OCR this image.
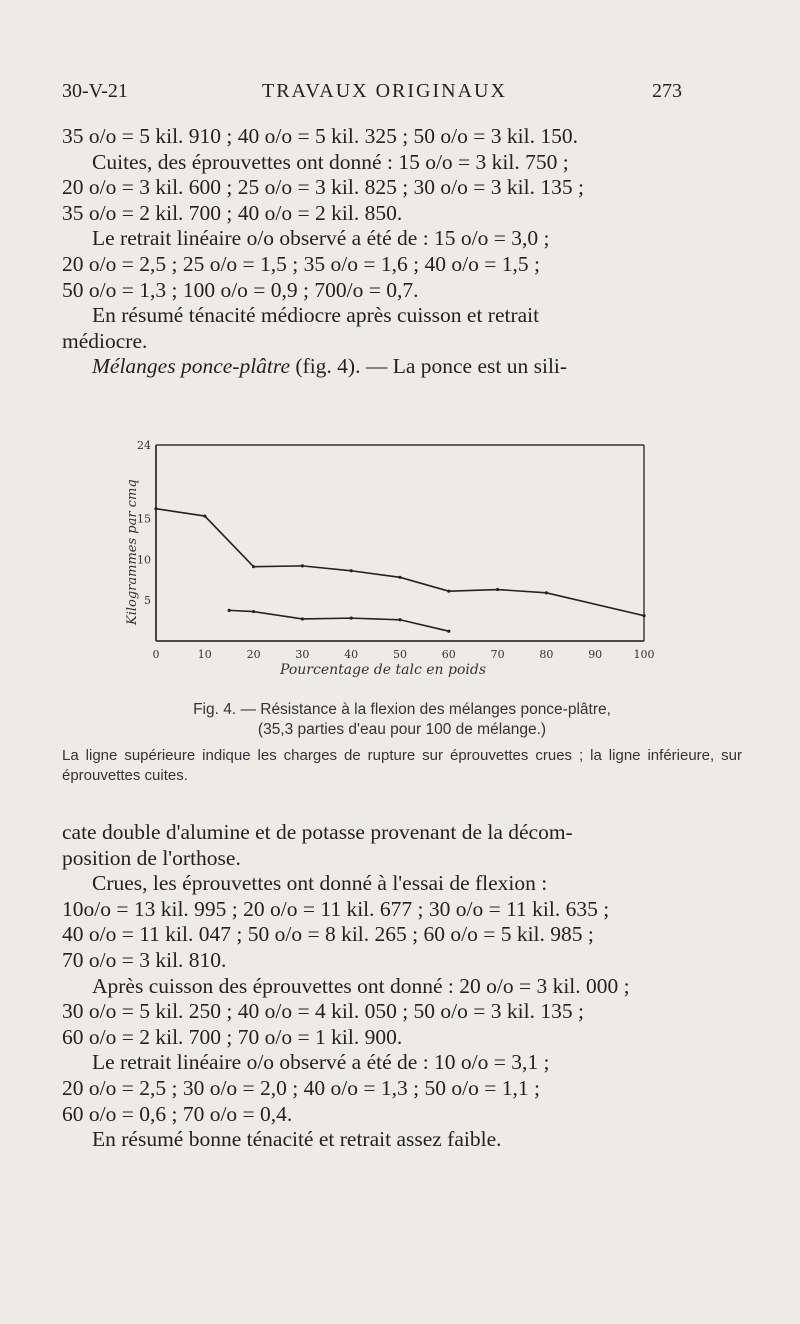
30-V-21	TRAVAUX ORIGINAUX	273

35 o/o = 5 kil. 910 ; 40 o/o = 5 kil. 325 ; 50 o/o = 3 kil. 150.

Cuites, des éprouvettes ont donné : 15 o/o = 3 kil. 750 ;

20 o/o = 3 kil. 600 ; 25 o/o = 3 kil. 825 ; 30 o/o = 3 kil. 135 ;

35 o/o = 2 kil. 700 ; 40 o/o = 2 kil. 850.

Le retrait linéaire o/o observé a été de : 15 o/o = 3,0 ;

20 o/o = 2,5 ; 25 o/o = 1,5 ; 35 o/o = 1,6 ; 40 o/o = 1,5 ;

50 o/o = 1,3 ; 100 o/o = 0,9 ; 700/o = 0,7.

En résumé ténacité médiocre après cuisson et retrait

médiocre.

Mélanges ponce-plâtre (fig. 4). — La ponce est un sili-

0	10	20	30	40	50	60	70	80	90	100
5
10
15
24
Pourcentage de talc en poids
Kilogrammes par cmq
Fig. 4. — Résistance à la flexion des mélanges ponce-plâtre,
(35,3 parties d'eau pour 100 de mélange.)
La ligne supérieure indique les charges de rupture sur éprouvettes crues ; la ligne inférieure, sur éprouvettes cuites.

cate double d'alumine et de potasse provenant de la décom-

position de l'orthose.

Crues, les éprouvettes ont donné à l'essai de flexion :

10o/o = 13 kil. 995 ; 20 o/o = 11 kil. 677 ; 30 o/o = 11 kil. 635 ;

40 o/o = 11 kil. 047 ; 50 o/o = 8 kil. 265 ; 60 o/o = 5 kil. 985 ;

70 o/o = 3 kil. 810.

Après cuisson des éprouvettes ont donné : 20 o/o = 3 kil. 000 ;

30 o/o = 5 kil. 250 ; 40 o/o = 4 kil. 050 ; 50 o/o = 3 kil. 135 ;

60 o/o = 2 kil. 700 ; 70 o/o = 1 kil. 900.

Le retrait linéaire o/o observé a été de : 10 o/o = 3,1 ;

20 o/o = 2,5 ; 30 o/o = 2,0 ; 40 o/o = 1,3 ; 50 o/o = 1,1 ;

60 o/o = 0,6 ; 70 o/o = 0,4.

En résumé bonne ténacité et retrait assez faible.
